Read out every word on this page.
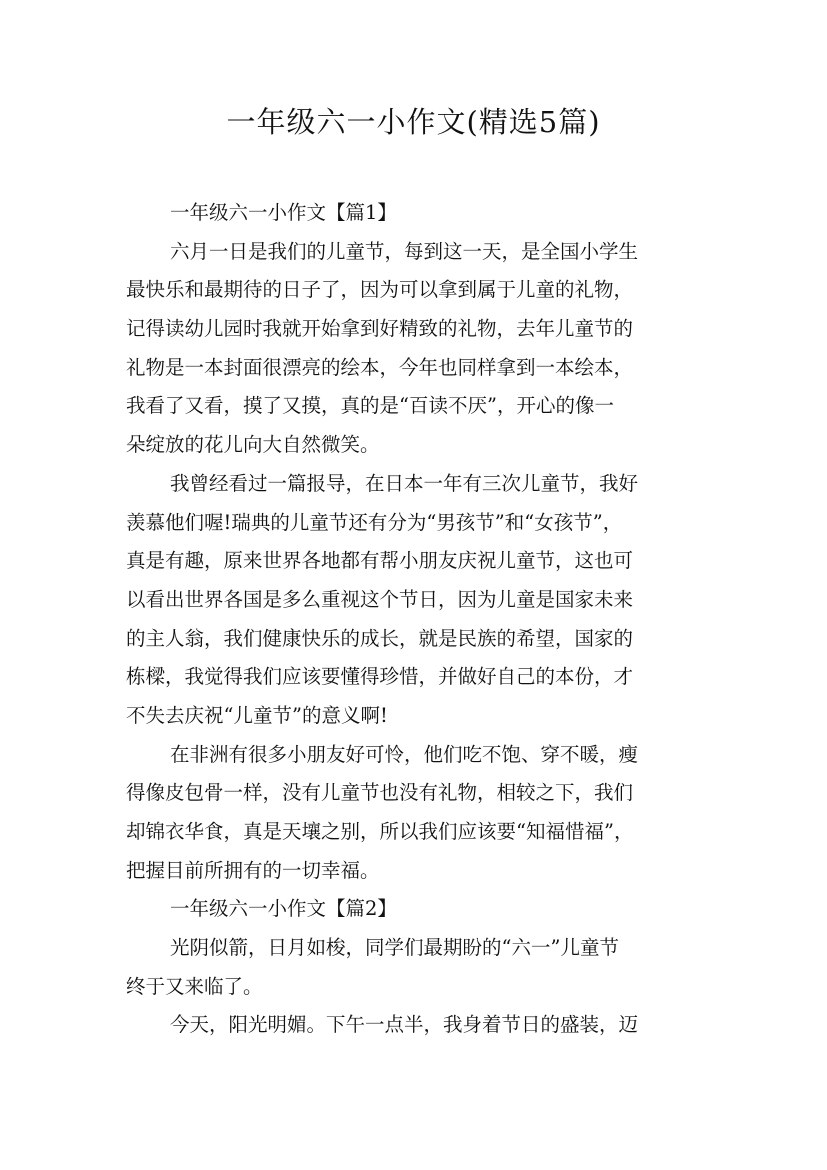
一年级六一小作文(精选5篇)
一年级六一小作文【篇1】
六月一日是我们的儿童节，每到这一天，是全国小学生
最快乐和最期待的日子了，因为可以拿到属于儿童的礼物，
记得读幼儿园时我就开始拿到好精致的礼物，去年儿童节的
礼物是一本封面很漂亮的绘本，今年也同样拿到一本绘本，
我看了又看，摸了又摸，真的是“百读不厌”，开心的像一
朵绽放的花儿向大自然微笑。
我曾经看过一篇报导，在日本一年有三次儿童节，我好
羡慕他们喔!瑞典的儿童节还有分为“男孩节”和“女孩节”，
真是有趣，原来世界各地都有帮小朋友庆祝儿童节，这也可
以看出世界各国是多么重视这个节日，因为儿童是国家未来
的主人翁，我们健康快乐的成长，就是民族的希望，国家的
栋樑，我觉得我们应该要懂得珍惜，并做好自己的本份，才
不失去庆祝“儿童节”的意义啊!
在非洲有很多小朋友好可怜，他们吃不饱、穿不暖，瘦
得像皮包骨一样，没有儿童节也没有礼物，相较之下，我们
却锦衣华食，真是天壤之别，所以我们应该要“知福惜福”，
把握目前所拥有的一切幸福。
一年级六一小作文【篇2】
光阴似箭，日月如梭，同学们最期盼的“六一”儿童节
终于又来临了。
今天，阳光明媚。下午一点半，我身着节日的盛装，迈
